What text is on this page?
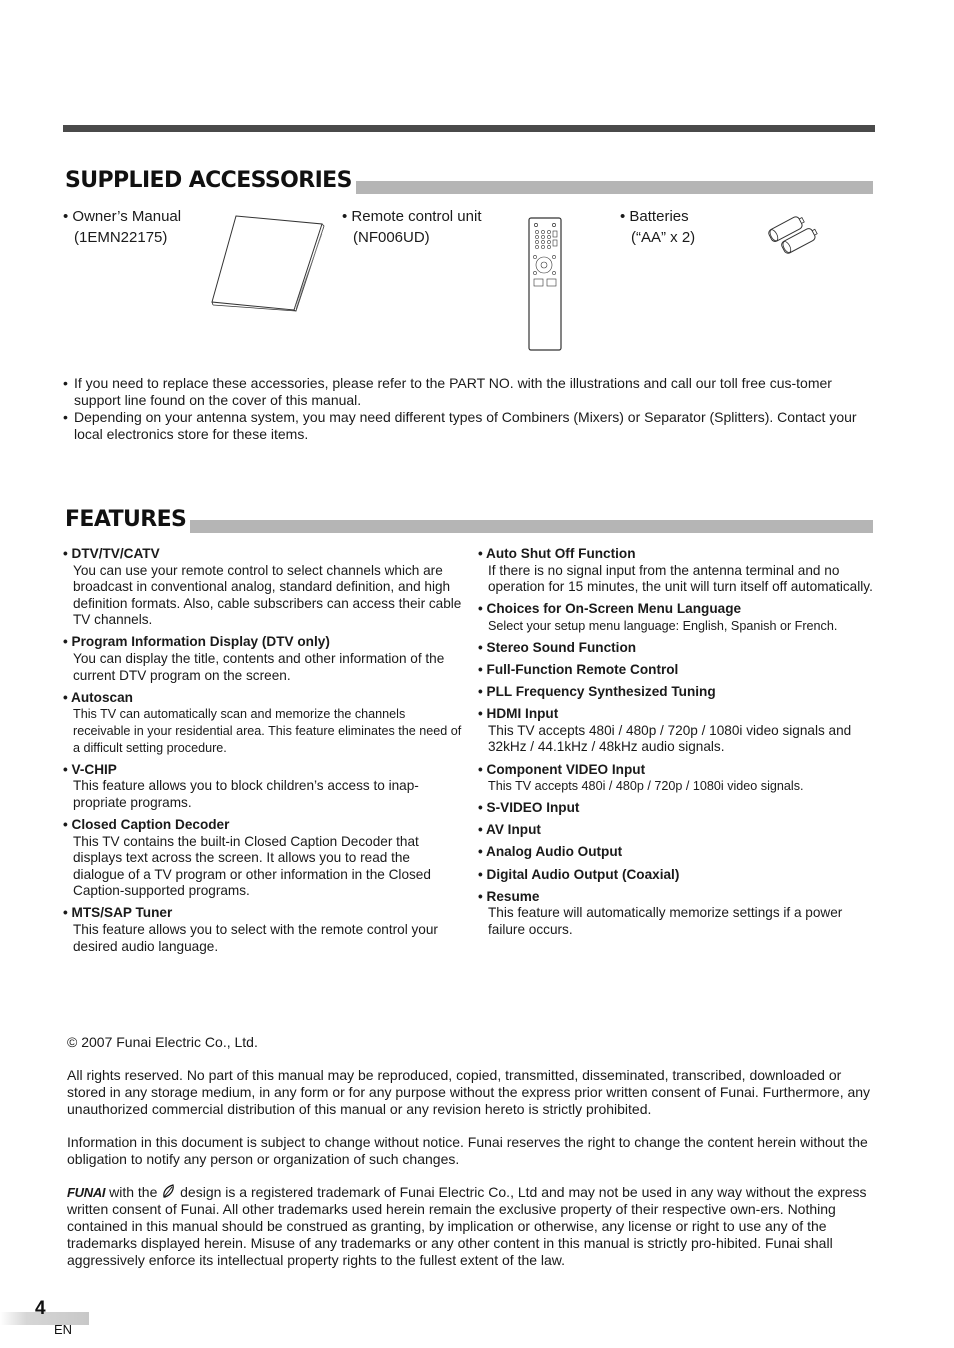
SUPPLIED ACCESSORIES
• Owner’s Manual
(1EMN22175)
• Remote control unit
(NF006UD)
• Batteries
(“AA” x 2)

• If you need to replace these accessories, please refer to the PART NO. with the illustrations and call our toll free cus-tomer support line found on the cover of this manual.

• Depending on your antenna system, you may need different types of Combiners (Mixers) or Separator (Splitters). Contact your local electronics store for these items.

FEATURES
• DTV/TV/CATV
You can use your remote control to select channels which are broadcast in conventional analog, standard definition, and high definition formats. Also, cable subscribers can access their cable TV channels.
• Program Information Display (DTV only)
You can display the title, contents and other information of the current DTV program on the screen.
• Autoscan
This TV can automatically scan and memorize the channels receivable in your residential area. This feature eliminates the need of a difficult setting procedure.
• V-CHIP
This feature allows you to block children’s access to inap-propriate programs.
• Closed Caption Decoder
This TV contains the built-in Closed Caption Decoder that displays text across the screen. It allows you to read the dialogue of a TV program or other information in the Closed Caption-supported programs.
• MTS/SAP Tuner
This feature allows you to select with the remote control your desired audio language.
• Auto Shut Off Function
If there is no signal input from the antenna terminal and no operation for 15 minutes, the unit will turn itself off automatically.
• Choices for On-Screen Menu Language
Select your setup menu language: English, Spanish or French.
• Stereo Sound Function
• Full-Function Remote Control
• PLL Frequency Synthesized Tuning
• HDMI Input
This TV accepts 480i / 480p / 720p / 1080i video signals and 32kHz / 44.1kHz / 48kHz audio signals.
• Component VIDEO Input
This TV accepts 480i / 480p / 720p / 1080i video signals.
• S-VIDEO Input
• AV Input
• Analog Audio Output
• Digital Audio Output (Coaxial)
• Resume
This feature will automatically memorize settings if a power failure occurs.

© 2007 Funai Electric Co., Ltd.

All rights reserved. No part of this manual may be reproduced, copied, transmitted, disseminated, transcribed, downloaded or stored in any storage medium, in any form or for any purpose without the express prior written consent of Funai. Furthermore, any unauthorized commercial distribution of this manual or any revision hereto is strictly prohibited.

Information in this document is subject to change without notice. Funai reserves the right to change the content herein without the obligation to notify any person or organization of such changes.

FUNAI with the design is a registered trademark of Funai Electric Co., Ltd and may not be used in any way without the express written consent of Funai. All other trademarks used herein remain the exclusive property of their respective own-ers. Nothing contained in this manual should be construed as granting, by implication or otherwise, any license or right to use any of the trademarks displayed herein. Misuse of any trademarks or any other content in this manual is strictly pro-hibited. Funai shall aggressively enforce its intellectual property rights to the fullest extent of the law.

4
EN
